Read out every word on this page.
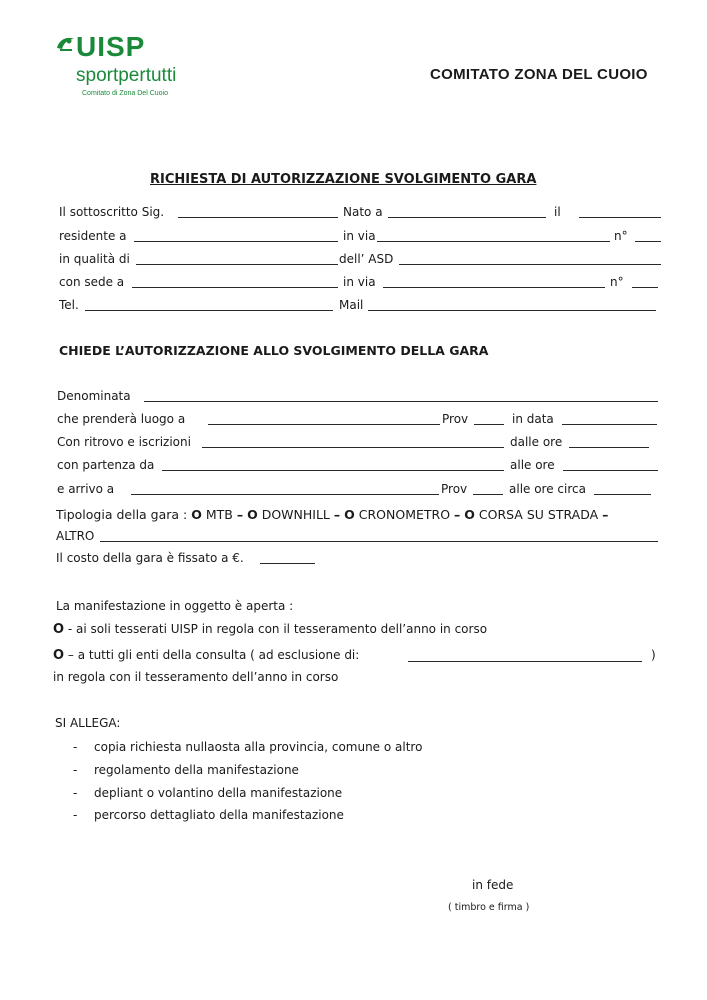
UISP
sportpertutti
Comitato di Zona Del Cuoio
COMITATO ZONA DEL CUOIO
RICHIESTA DI AUTORIZZAZIONE SVOLGIMENTO GARA
Il sottoscritto Sig.	Nato a	il
residente a	in via	n°
in qualità di	dell’ ASD
con sede a	in via	n°
Tel.	Mail
CHIEDE L’AUTORIZZAZIONE ALLO SVOLGIMENTO DELLA GARA
Denominata
che prenderà luogo a	Prov	in data
Con ritrovo e iscrizioni	dalle ore
con partenza da	alle ore
e arrivo a	Prov	alle ore circa
Tipologia della gara : O MTB – O DOWNHILL – O CRONOMETRO – O CORSA SU STRADA –
ALTRO
Il costo della gara è fissato a €.
La manifestazione in oggetto è aperta :
O - ai soli tesserati UISP in regola con il tesseramento dell’anno in corso
O – a tutti gli enti della consulta ( ad esclusione di:	)
in regola con il tesseramento dell’anno in corso
SI ALLEGA:
- copia richiesta nullaosta alla provincia, comune o altro
- regolamento della manifestazione
- depliant o volantino della manifestazione
- percorso dettagliato della manifestazione
in fede
( timbro e firma )
